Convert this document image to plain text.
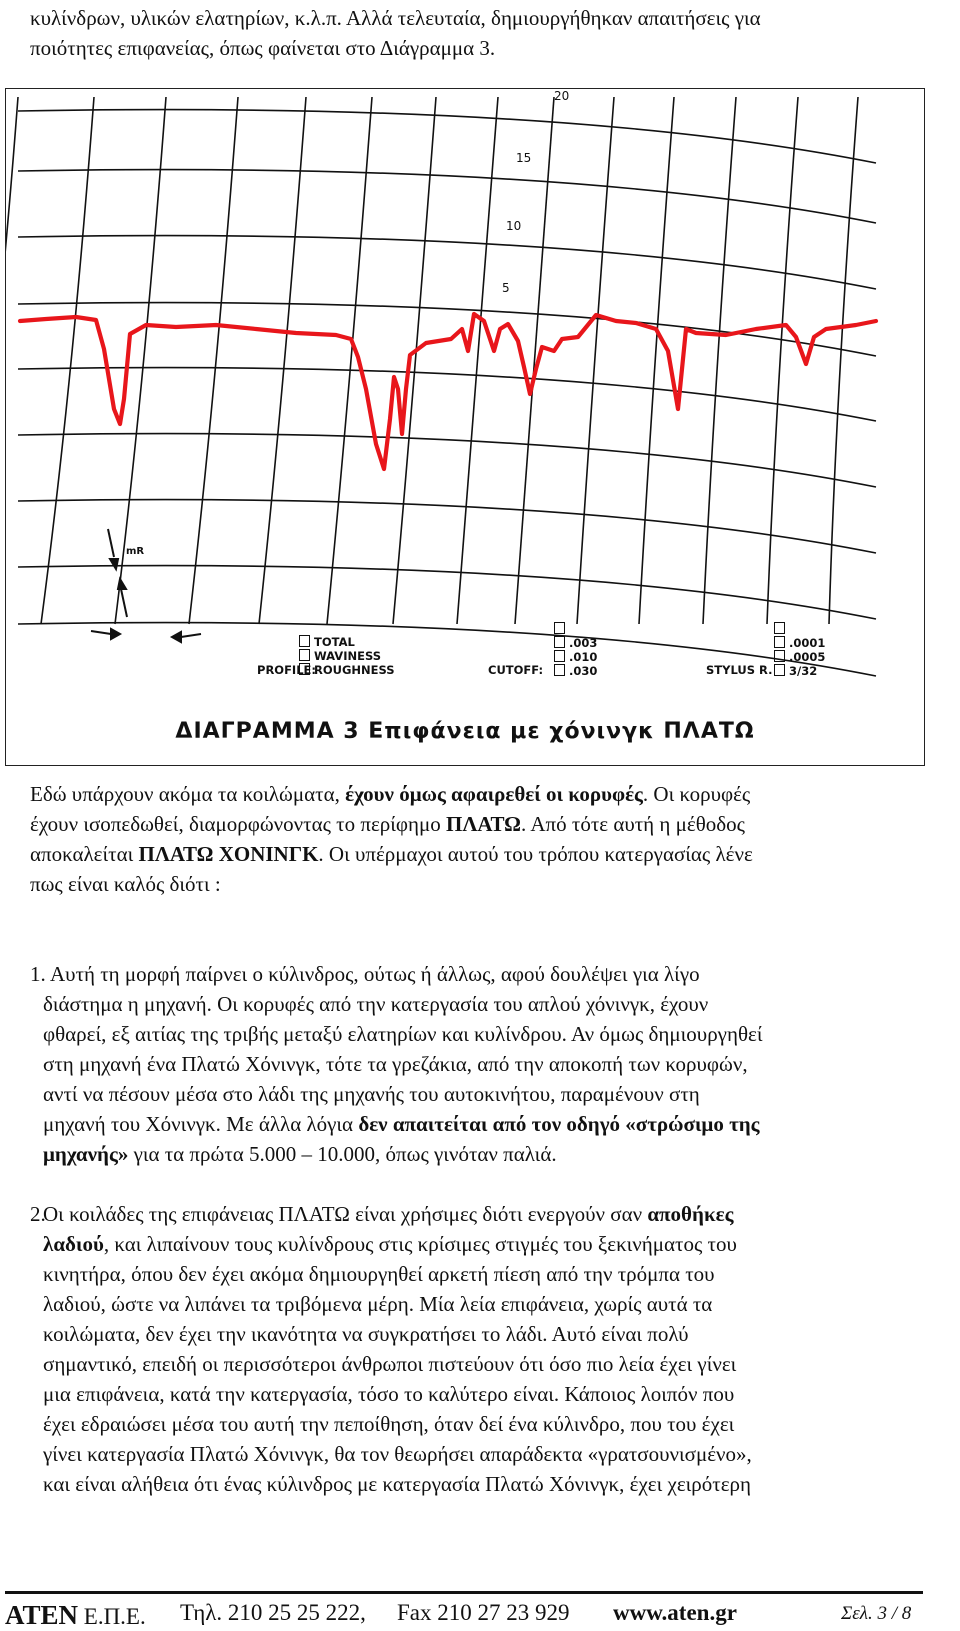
κυλίνδρων, υλικών ελατηρίων, κ.λ.π. Αλλά τελευταία, δημιουργήθηκαν απαιτήσεις για
ποιότητες επιφανείας, όπως φαίνεται στο Διάγραμμα 3.
20
15
10
5
mR
PROFILE:
TOTAL
WAVINESS
ROUGHNESS	CUTOFF:
.003
.010
.030	STYLUS R.
.0001
.0005
3/32
ΔΙΑΓΡΑΜΜΑ 3 Επιφάνεια με χόνινγκ ΠΛΑΤΩ
Εδώ υπάρχουν ακόμα τα κοιλώματα, έχουν όμως αφαιρεθεί οι κορυφές. Οι κορυφές
έχουν ισοπεδωθεί, διαμορφώνοντας το περίφημο ΠΛΑΤΩ. Από τότε αυτή η μέθοδος
αποκαλείται ΠΛΑΤΩ ΧΟΝΙΝΓΚ. Οι υπέρμαχοι αυτού του τρόπου κατεργασίας λένε
πως είναι καλός διότι :
1. Αυτή τη μορφή παίρνει ο κύλινδρος, ούτως ή άλλως, αφού δουλέψει για λίγο
διάστημα η μηχανή. Οι κορυφές από την κατεργασία του απλού χόνινγκ, έχουν
φθαρεί, εξ αιτίας της τριβής μεταξύ ελατηρίων και κυλίνδρου. Αν όμως δημιουργηθεί
στη μηχανή ένα Πλατώ Χόνινγκ, τότε τα γρεζάκια, από την αποκοπή των κορυφών,
αντί να πέσουν μέσα στο λάδι της μηχανής του αυτοκινήτου, παραμένουν στη
μηχανή του Χόνινγκ. Με άλλα λόγια δεν απαιτείται από τον οδηγό «στρώσιμο της
μηχανής» για τα πρώτα 5.000 – 10.000, όπως γινόταν παλιά.
2.
Οι κοιλάδες της επιφάνειας ΠΛΑΤΩ είναι χρήσιμες διότι ενεργούν σαν αποθήκες
λαδιού, και λιπαίνουν τους κυλίνδρους στις κρίσιμες στιγμές του ξεκινήματος του
κινητήρα, όπου δεν έχει ακόμα δημιουργηθεί αρκετή πίεση από την τρόμπα του
λαδιού, ώστε να λιπάνει τα τριβόμενα μέρη. Μία λεία επιφάνεια, χωρίς αυτά τα
κοιλώματα, δεν έχει την ικανότητα να συγκρατήσει το λάδι. Αυτό είναι πολύ
σημαντικό, επειδή οι περισσότεροι άνθρωποι πιστεύουν ότι όσο πιο λεία έχει γίνει
μια επιφάνεια, κατά την κατεργασία, τόσο το καλύτερο είναι. Κάποιος λοιπόν που
έχει εδραιώσει μέσα του αυτή την πεποίθηση, όταν δεί ένα κύλινδρο, που του έχει
γίνει κατεργασία Πλατώ Χόνινγκ, θα τον θεωρήσει απαράδεκτα «γρατσουνισμένο»,
και είναι αλήθεια ότι ένας κύλινδρος με κατεργασία Πλατώ Χόνινγκ, έχει χειρότερη
ATEN Ε.Π.Ε. Τηλ. 210 25 25 222, Fax 210 27 23 929 www.aten.gr	Σελ. 3 / 8
